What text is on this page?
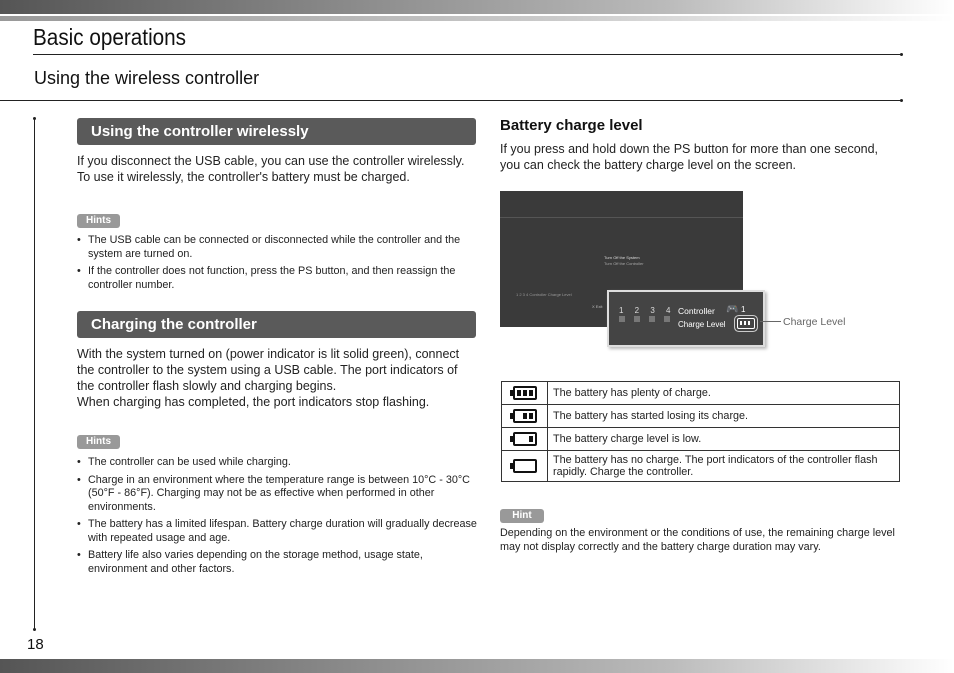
Basic operations
Using the wireless controller
18
Using the controller wirelessly
If you disconnect the USB cable, you can use the controller wirelessly. To use it wirelessly, the controller's battery must be charged.
Hints
• The USB cable can be connected or disconnected while the controller and the system are turned on.
• If the controller does not function, press the PS button, and then reassign the controller number.
Charging the controller
With the system turned on (power indicator is lit solid green), connect the controller to the system using a USB cable. The port indicators of the controller flash slowly and charging begins.
When charging has completed, the port indicators stop flashing.
Hints
• The controller can be used while charging.
• Charge in an environment where the temperature range is between 10°C - 30°C (50°F - 86°F). Charging may not be as effective when performed in other environments.
• The battery has a limited lifespan. Battery charge duration will gradually decrease with repeated usage and age.
• Battery life also varies depending on the storage method, usage state, environment and other factors.
Battery charge level
If you press and hold down the PS button for more than one second, you can check the battery charge level on the screen.
Turn Off the System
Turn Off the Controller
1 2 3 4 Controller Charge Level
X Exit 1 2 3 4 Controller 🎮 1
Charge Level	Charge Level
	The battery has plenty of charge.

	The battery has started losing its charge.

	The battery charge level is low.
	The battery has no charge. The port indicators of the controller flash rapidly. Charge the controller.
Hint
Depending on the environment or the conditions of use, the remaining charge level may not display correctly and the battery charge duration may vary.
